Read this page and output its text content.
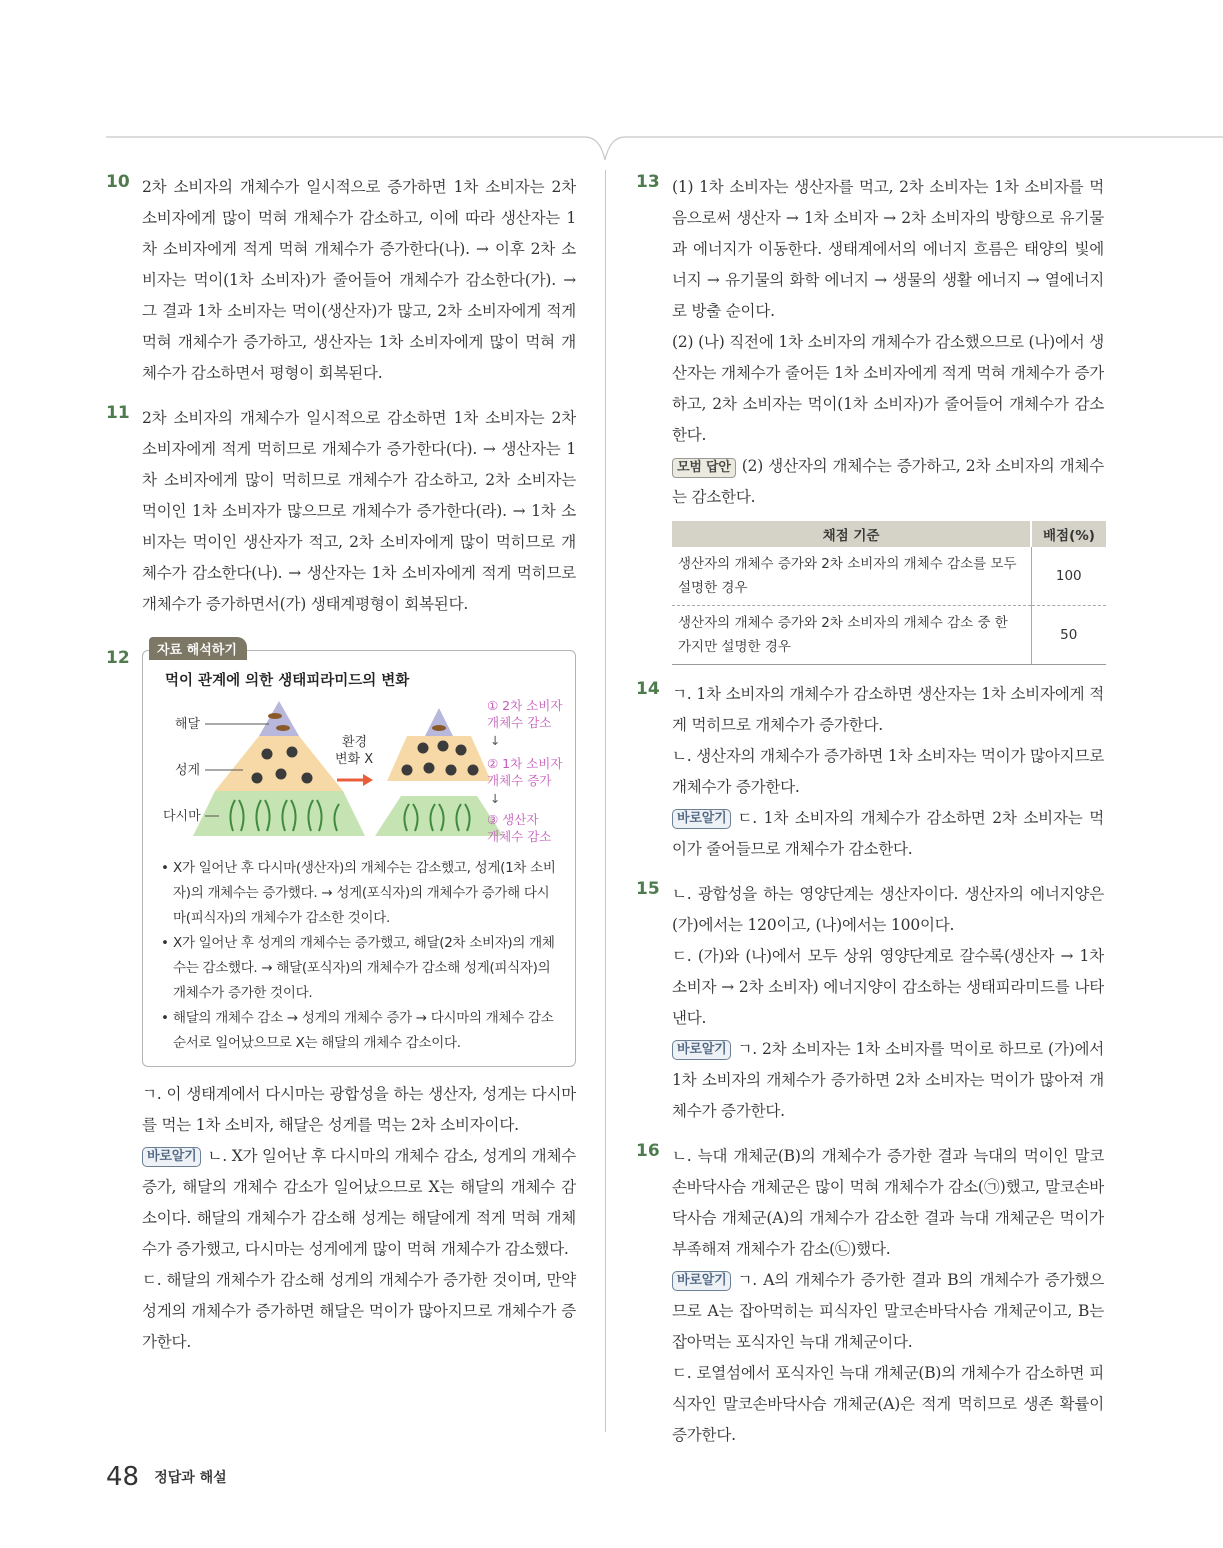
10 2차 소비자의 개체수가 일시적으로 증가하면 1차 소비자는 2차 소비자에게 많이 먹혀 개체수가 감소하고, 이에 따라 생산자는 1차 소비자에게 적게 먹혀 개체수가 증가한다(나). → 이후 2차 소비자는 먹이(1차 소비자)가 줄어들어 개체수가 감소한다(가). → 그 결과 1차 소비자는 먹이(생산자)가 많고, 2차 소비자에게 적게 먹혀 개체수가 증가하고, 생산자는 1차 소비자에게 많이 먹혀 개체수가 감소하면서 평형이 회복된다.

11 2차 소비자의 개체수가 일시적으로 감소하면 1차 소비자는 2차 소비자에게 적게 먹히므로 개체수가 증가한다(다). → 생산자는 1차 소비자에게 많이 먹히므로 개체수가 감소하고, 2차 소비자는 먹이인 1차 소비자가 많으므로 개체수가 증가한다(라). → 1차 소비자는 먹이인 생산자가 적고, 2차 소비자에게 많이 먹히므로 개체수가 감소한다(나). → 생산자는 1차 소비자에게 적게 먹히므로 개체수가 증가하면서(가) 생태계평형이 회복된다.

12	자료 해석하기
먹이 관계에 의한 생태피라미드의 변화
해달
성게
다시마
환경
변화 X
① 2차 소비자
개체수 감소
↓
② 1차 소비자
개체수 증가
↓
③ 생산자
개체수 감소
• X가 일어난 후 다시마(생산자)의 개체수는 감소했고, 성게(1차 소비자)의 개체수는 증가했다. → 성게(포식자)의 개체수가 증가해 다시마(피식자)의 개체수가 감소한 것이다.
• X가 일어난 후 성게의 개체수는 증가했고, 해달(2차 소비자)의 개체수는 감소했다. → 해달(포식자)의 개체수가 감소해 성게(피식자)의 개체수가 증가한 것이다.
• 해달의 개체수 감소 → 성게의 개체수 증가 → 다시마의 개체수 감소 순서로 일어났으므로 X는 해달의 개체수 감소이다.

ㄱ. 이 생태계에서 다시마는 광합성을 하는 생산자, 성게는 다시마를 먹는 1차 소비자, 해달은 성게를 먹는 2차 소비자이다.

바로알기 ㄴ. X가 일어난 후 다시마의 개체수 감소, 성게의 개체수 증가, 해달의 개체수 감소가 일어났으므로 X는 해달의 개체수 감소이다. 해달의 개체수가 감소해 성게는 해달에게 적게 먹혀 개체수가 증가했고, 다시마는 성게에게 많이 먹혀 개체수가 감소했다.

ㄷ. 해달의 개체수가 감소해 성게의 개체수가 증가한 것이며, 만약 성게의 개체수가 증가하면 해달은 먹이가 많아지므로 개체수가 증가한다.

13 (1) 1차 소비자는 생산자를 먹고, 2차 소비자는 1차 소비자를 먹음으로써 생산자 → 1차 소비자 → 2차 소비자의 방향으로 유기물과 에너지가 이동한다. 생태계에서의 에너지 흐름은 태양의 빛에너지 → 유기물의 화학 에너지 → 생물의 생활 에너지 → 열에너지로 방출 순이다.

(2) (나) 직전에 1차 소비자의 개체수가 감소했으므로 (나)에서 생산자는 개체수가 줄어든 1차 소비자에게 적게 먹혀 개체수가 증가하고, 2차 소비자는 먹이(1차 소비자)가 줄어들어 개체수가 감소한다.

모범 답안 (2) 생산자의 개체수는 증가하고, 2차 소비자의 개체수는 감소한다.

채점 기준	배점(%)
생산자의 개체수 증가와 2차 소비자의 개체수 감소를 모두 설명한 경우	100
생산자의 개체수 증가와 2차 소비자의 개체수 감소 중 한 가지만 설명한 경우	50
14 ㄱ. 1차 소비자의 개체수가 감소하면 생산자는 1차 소비자에게 적게 먹히므로 개체수가 증가한다.

ㄴ. 생산자의 개체수가 증가하면 1차 소비자는 먹이가 많아지므로 개체수가 증가한다.

바로알기 ㄷ. 1차 소비자의 개체수가 감소하면 2차 소비자는 먹이가 줄어들므로 개체수가 감소한다.

15 ㄴ. 광합성을 하는 영양단계는 생산자이다. 생산자의 에너지양은 (가)에서는 120이고, (나)에서는 100이다.

ㄷ. (가)와 (나)에서 모두 상위 영양단계로 갈수록(생산자 → 1차 소비자 → 2차 소비자) 에너지양이 감소하는 생태피라미드를 나타낸다.

바로알기 ㄱ. 2차 소비자는 1차 소비자를 먹이로 하므로 (가)에서 1차 소비자의 개체수가 증가하면 2차 소비자는 먹이가 많아져 개체수가 증가한다.

16 ㄴ. 늑대 개체군(B)의 개체수가 증가한 결과 늑대의 먹이인 말코손바닥사슴 개체군은 많이 먹혀 개체수가 감소(㉠)했고, 말코손바닥사슴 개체군(A)의 개체수가 감소한 결과 늑대 개체군은 먹이가 부족해져 개체수가 감소(㉡)했다.

바로알기 ㄱ. A의 개체수가 증가한 결과 B의 개체수가 증가했으므로 A는 잡아먹히는 피식자인 말코손바닥사슴 개체군이고, B는 잡아먹는 포식자인 늑대 개체군이다.

ㄷ. 로열섬에서 포식자인 늑대 개체군(B)의 개체수가 감소하면 피식자인 말코손바닥사슴 개체군(A)은 적게 먹히므로 생존 확률이 증가한다.

48 정답과 해설
